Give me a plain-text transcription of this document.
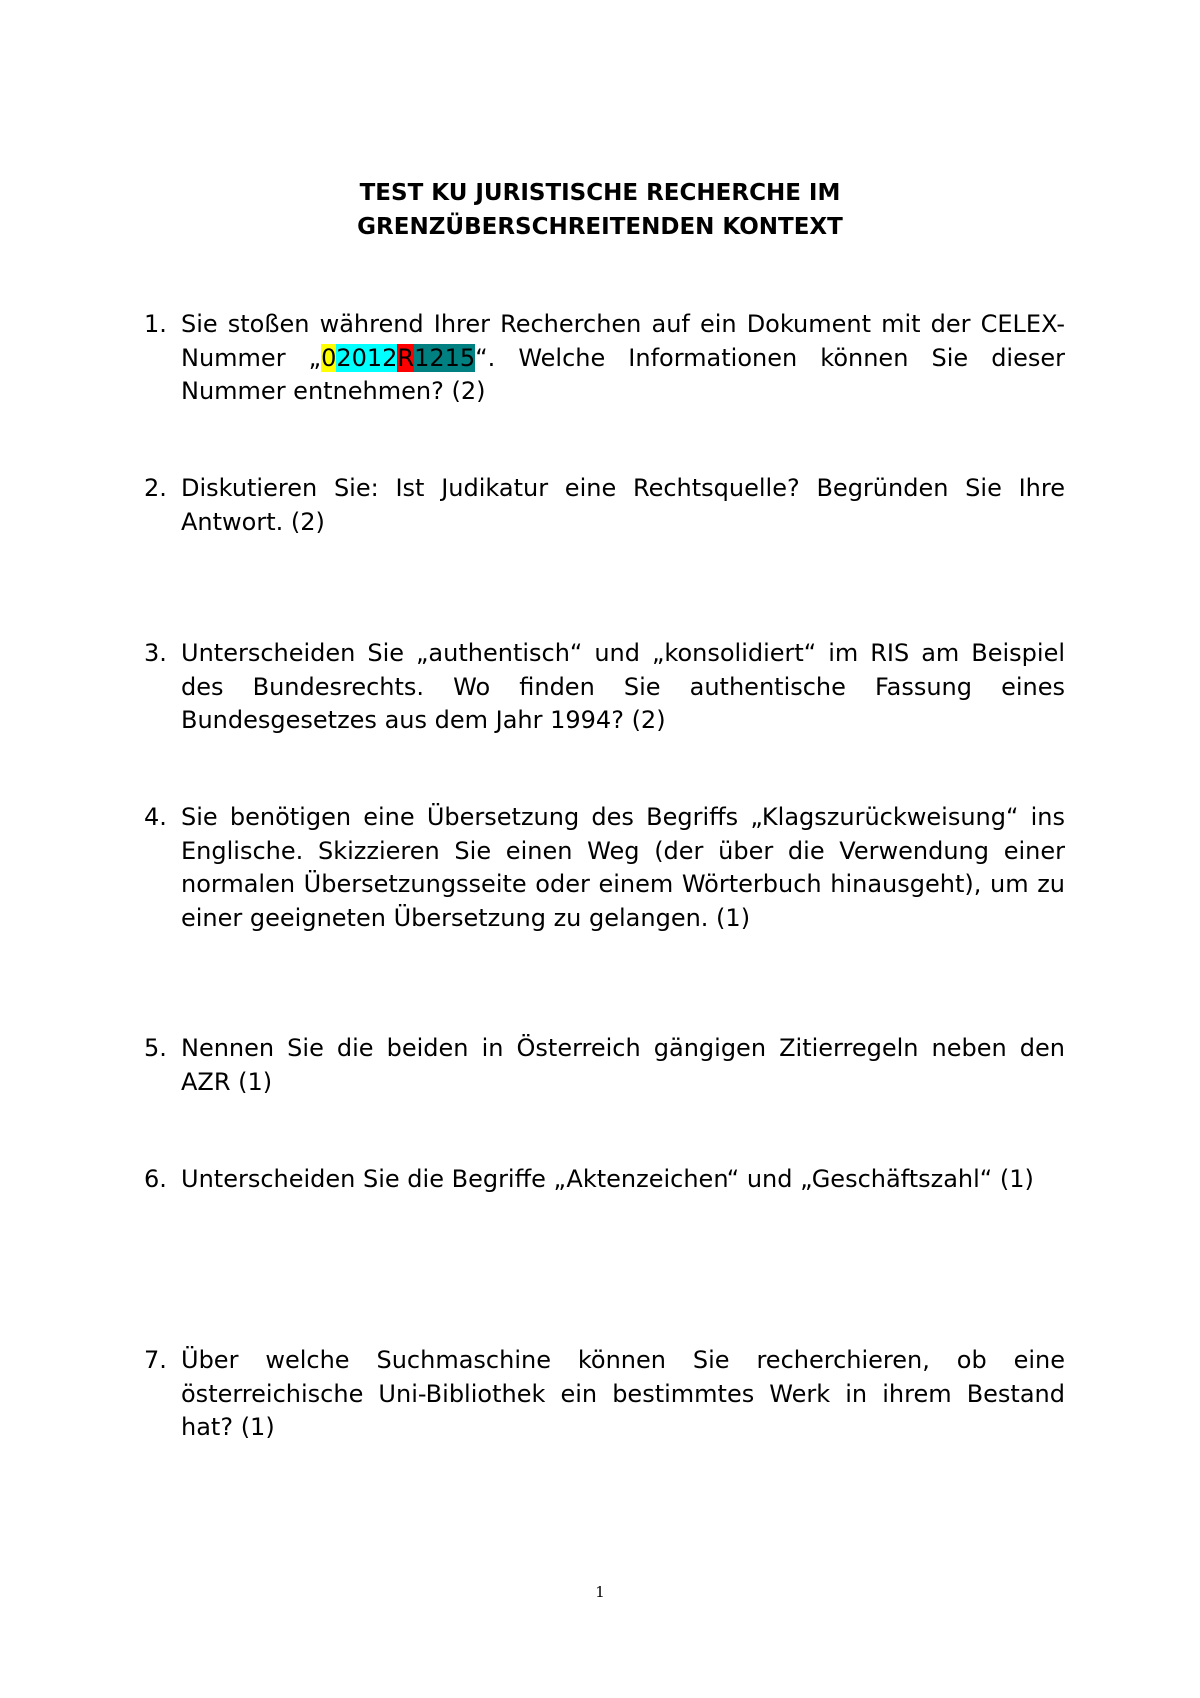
TEST KU JURISTISCHE RECHERCHE IM
GRENZÜBERSCHREITENDEN KONTEXT
1. Sie stoßen während Ihrer Recherchen auf ein Dokument mit der CELEX-Nummer „02012R1215“. Welche Informationen können Sie dieser Nummer entnehmen? (2)
2. Diskutieren Sie: Ist Judikatur eine Rechtsquelle? Begründen Sie Ihre Antwort. (2)
3. Unterscheiden Sie „authentisch“ und „konsolidiert“ im RIS am Beispiel des Bundesrechts. Wo finden Sie authentische Fassung eines Bundesgesetzes aus dem Jahr 1994? (2)
4. Sie benötigen eine Übersetzung des Begriffs „Klagszurückweisung“ ins Englische. Skizzieren Sie einen Weg (der über die Verwendung einer normalen Übersetzungsseite oder einem Wörterbuch hinausgeht), um zu einer geeigneten Übersetzung zu gelangen. (1)
5. Nennen Sie die beiden in Österreich gängigen Zitierregeln neben den AZR (1)
6. Unterscheiden Sie die Begriffe „Aktenzeichen“ und „Geschäftszahl“ (1)
7. Über welche Suchmaschine können Sie recherchieren, ob eine österreichische Uni-Bibliothek ein bestimmtes Werk in ihrem Bestand hat? (1)
1
